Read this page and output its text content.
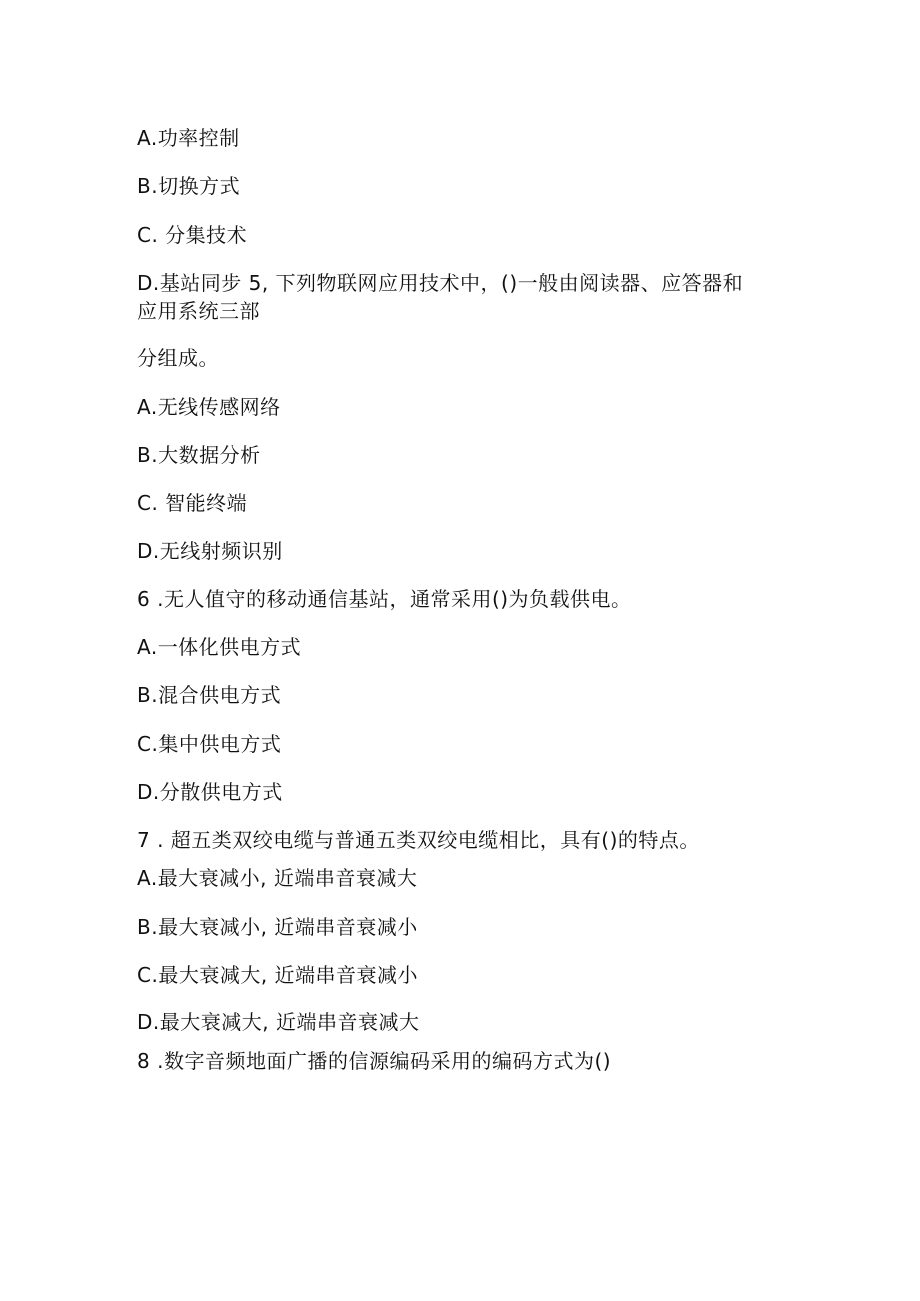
A.功率控制
B.切换方式
C. 分集技术
D.基站同步 5, 下列物联网应用技术中，()一般由阅读器、应答器和
应用系统三部
分组成。
A.无线传感网络
B.大数据分析
C. 智能终端
D.无线射频识别
6 .无人值守的移动通信基站，通常采用()为负载供电。
A.一体化供电方式
B.混合供电方式
C.集中供电方式
D.分散供电方式
7 . 超五类双绞电缆与普通五类双绞电缆相比，具有()的特点。
A.最大衰减小, 近端串音衰减大
B.最大衰减小, 近端串音衰减小
C.最大衰减大, 近端串音衰减小
D.最大衰减大, 近端串音衰减大
8 .数字音频地面广播的信源编码采用的编码方式为()
